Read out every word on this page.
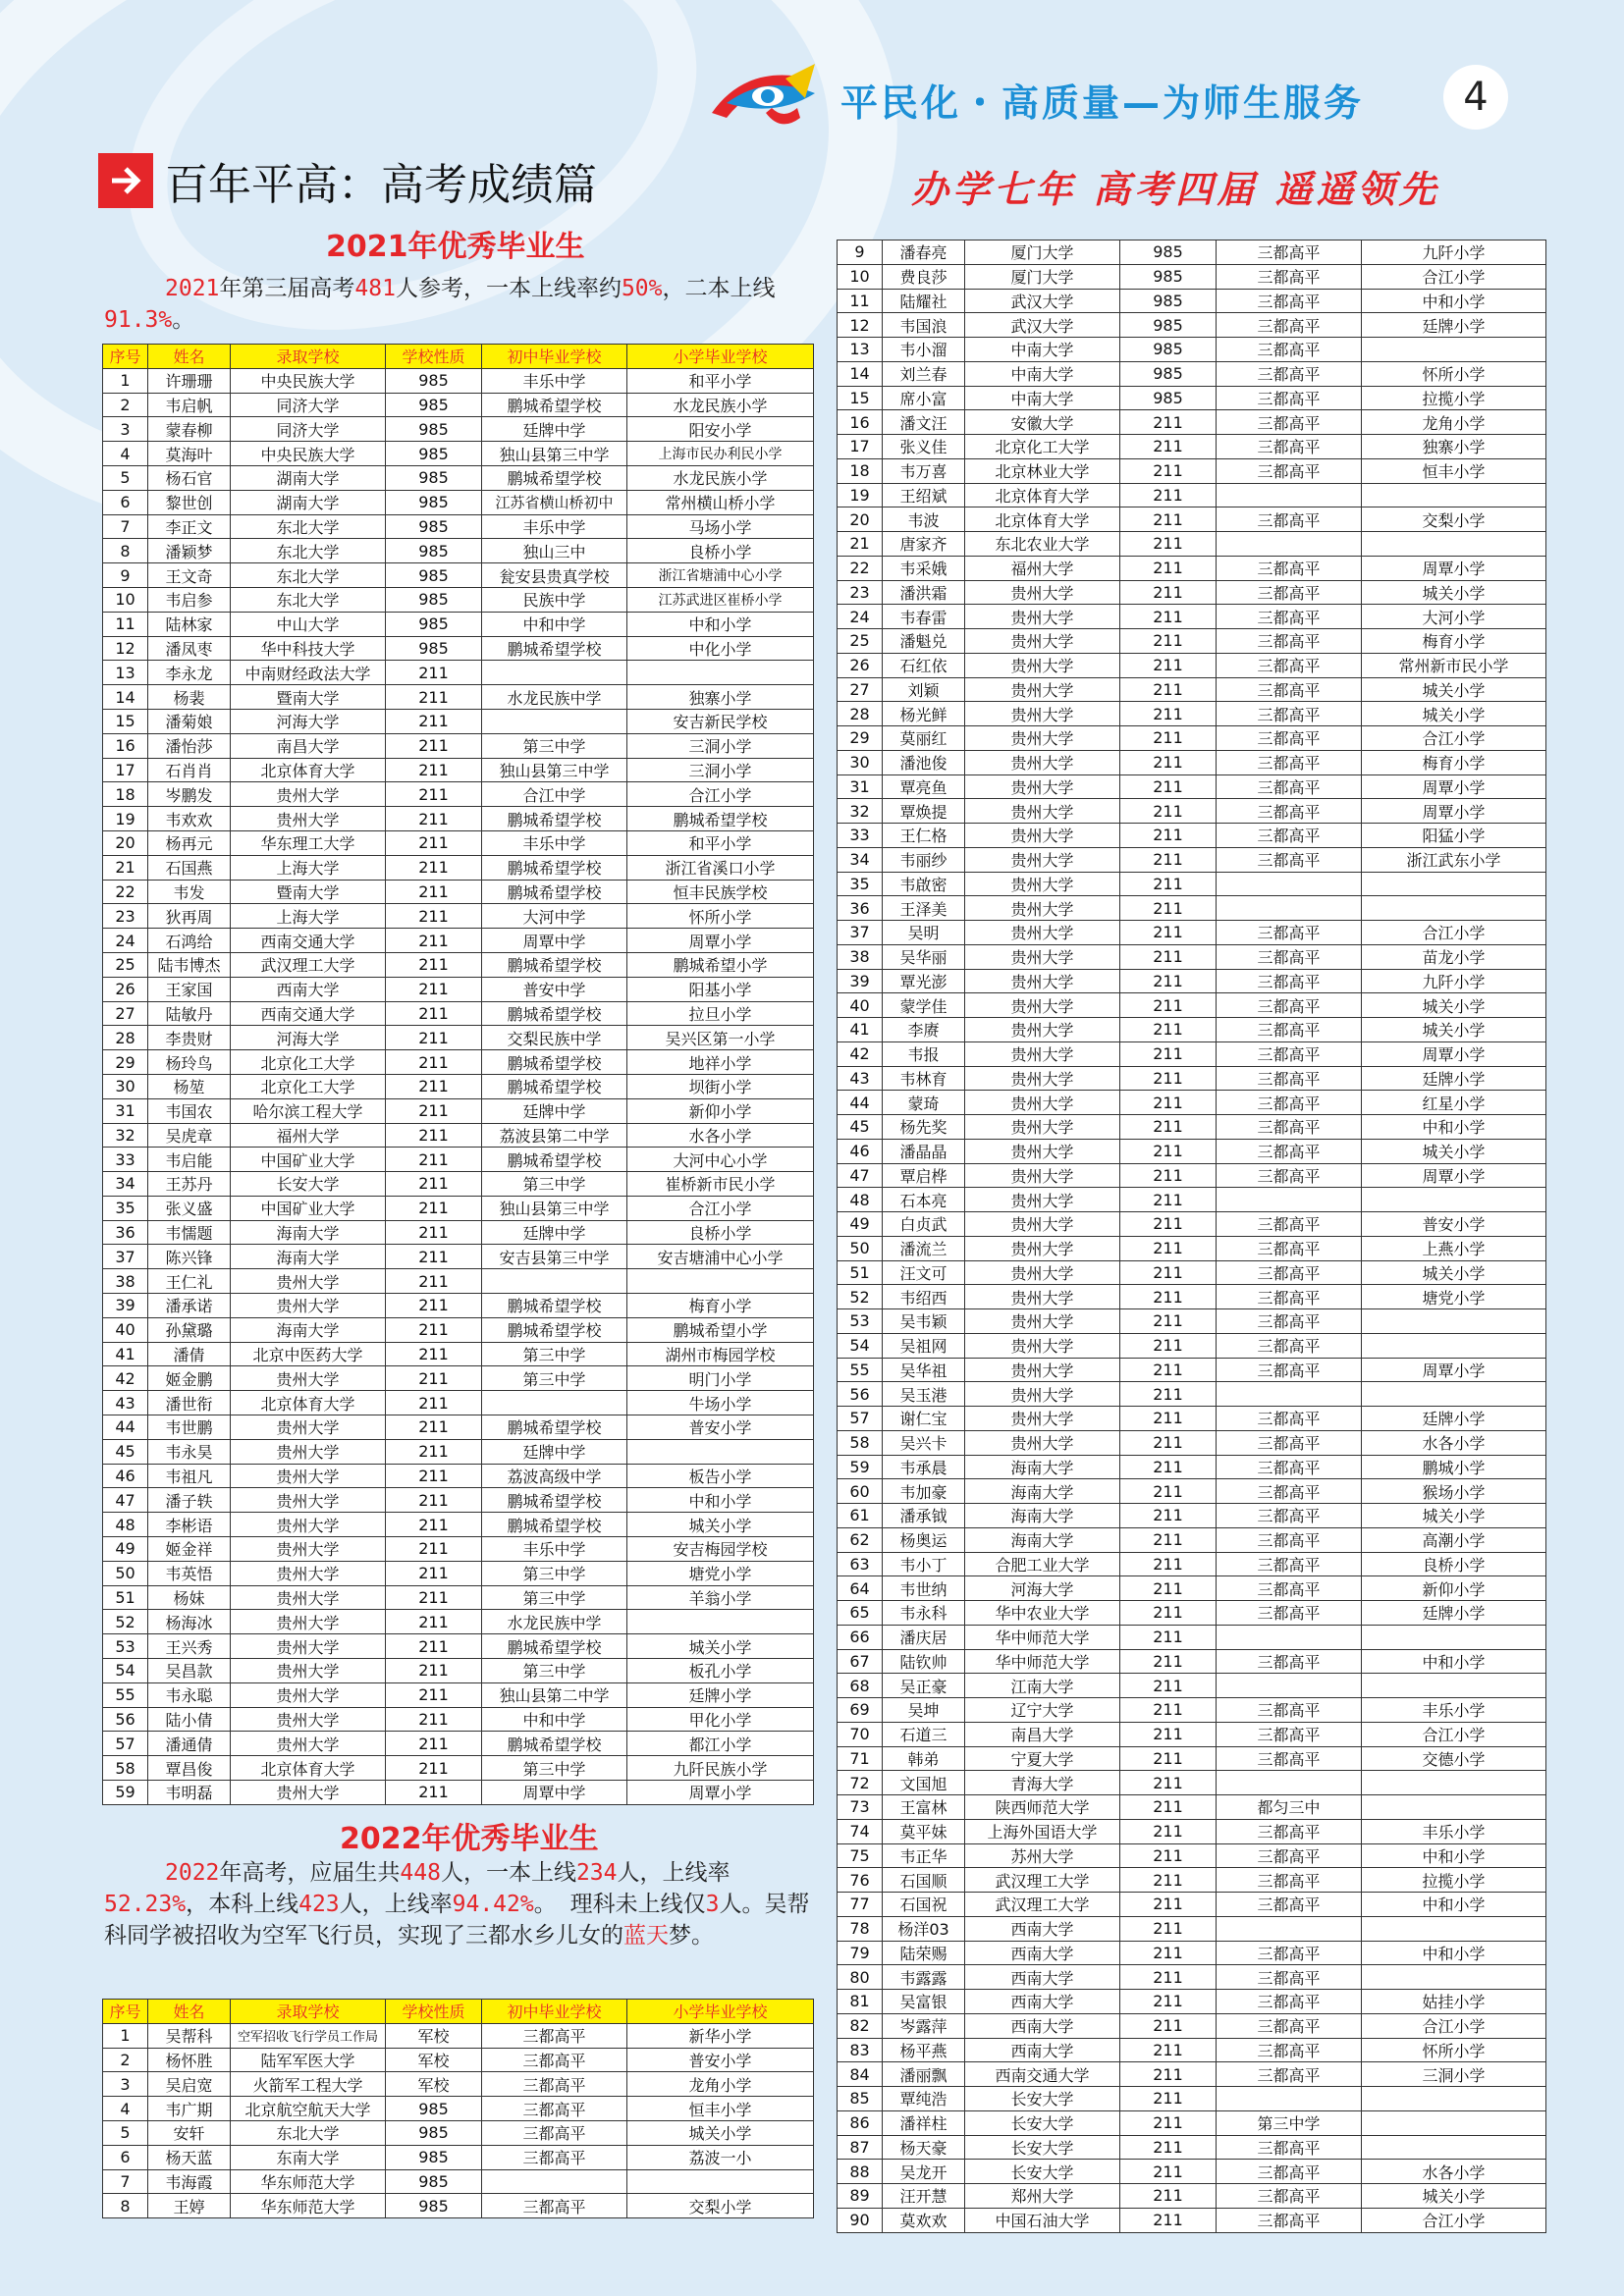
平民化・高质量—为师生服务	4
百年平高：高考成绩篇	办学七年 高考四届 遥遥领先
2021年优秀毕业生
2021年第三届高考481人参考，一本上线率约50%，二本上线91.3%。
序号	姓名	录取学校	学校性质	初中毕业学校	小学毕业学校
1	许珊珊	中央民族大学	985	丰乐中学	和平小学
2	韦启帆	同济大学	985	鹏城希望学校	水龙民族小学
3	蒙春柳	同济大学	985	廷牌中学	阳安小学
4	莫海叶	中央民族大学	985	独山县第三中学	上海市民办利民小学
5	杨石官	湖南大学	985	鹏城希望学校	水龙民族小学
6	黎世创	湖南大学	985	江苏省横山桥初中	常州横山桥小学
7	李正文	东北大学	985	丰乐中学	马场小学
8	潘颖梦	东北大学	985	独山三中	良桥小学
9	王文奇	东北大学	985	瓮安县贵真学校	浙江省塘浦中心小学
10	韦启参	东北大学	985	民族中学	江苏武进区崔桥小学
11	陆林家	中山大学	985	中和中学	中和小学
12	潘凤枣	华中科技大学	985	鹏城希望学校	中化小学
13	李永龙	中南财经政法大学	211		
14	杨裴	暨南大学	211	水龙民族中学	独寨小学
15	潘菊娘	河海大学	211		安吉新民学校
16	潘怡莎	南昌大学	211	第三中学	三洞小学
17	石肖肖	北京体育大学	211	独山县第三中学	三洞小学
18	岑鹏发	贵州大学	211	合江中学	合江小学
19	韦欢欢	贵州大学	211	鹏城希望学校	鹏城希望学校
20	杨再元	华东理工大学	211	丰乐中学	和平小学
21	石国燕	上海大学	211	鹏城希望学校	浙江省溪口小学
22	韦发	暨南大学	211	鹏城希望学校	恒丰民族学校
23	狄再周	上海大学	211	大河中学	怀所小学
24	石鸿给	西南交通大学	211	周覃中学	周覃小学
25	陆韦博杰	武汉理工大学	211	鹏城希望学校	鹏城希望小学
26	王家国	西南大学	211	普安中学	阳基小学
27	陆敏丹	西南交通大学	211	鹏城希望学校	拉旦小学
28	李贵财	河海大学	211	交梨民族中学	吴兴区第一小学
29	杨玲鸟	北京化工大学	211	鹏城希望学校	地祥小学
30	杨堃	北京化工大学	211	鹏城希望学校	坝街小学
31	韦国农	哈尔滨工程大学	211	廷牌中学	新仰小学
32	吴虎章	福州大学	211	荔波县第二中学	水各小学
33	韦启能	中国矿业大学	211	鹏城希望学校	大河中心小学
34	王苏丹	长安大学	211	第三中学	崔桥新市民小学
35	张义盛	中国矿业大学	211	独山县第三中学	合江小学
36	韦懦题	海南大学	211	廷牌中学	良桥小学
37	陈兴锋	海南大学	211	安吉县第三中学	安吉塘浦中心小学
38	王仁礼	贵州大学	211		
39	潘承诺	贵州大学	211	鹏城希望学校	梅育小学
40	孙黛璐	海南大学	211	鹏城希望学校	鹏城希望小学
41	潘倩	北京中医药大学	211	第三中学	湖州市梅园学校
42	姬金鹏	贵州大学	211	第三中学	明门小学
43	潘世衔	北京体育大学	211		牛场小学
44	韦世鹏	贵州大学	211	鹏城希望学校	普安小学
45	韦永昊	贵州大学	211	廷牌中学	
46	韦祖凡	贵州大学	211	荔波高级中学	板告小学
47	潘子轶	贵州大学	211	鹏城希望学校	中和小学
48	李彬语	贵州大学	211	鹏城希望学校	城关小学
49	姬金祥	贵州大学	211	丰乐中学	安吉梅园学校
50	韦英悟	贵州大学	211	第三中学	塘党小学
51	杨妹	贵州大学	211	第三中学	羊翁小学
52	杨海冰	贵州大学	211	水龙民族中学	
53	王兴秀	贵州大学	211	鹏城希望学校	城关小学
54	吴昌款	贵州大学	211	第三中学	板孔小学
55	韦永聪	贵州大学	211	独山县第二中学	廷牌小学
56	陆小倩	贵州大学	211	中和中学	甲化小学
57	潘通倩	贵州大学	211	鹏城希望学校	都江小学
58	覃昌俊	北京体育大学	211	第三中学	九阡民族小学
59	韦明磊	贵州大学	211	周覃中学	周覃小学
2022年优秀毕业生
2022年高考，应届生共448人，一本上线234人，上线率52.23%，本科上线423人，上线率94.42%。 理科未上线仅3人。吴帮科同学被招收为空军飞行员，实现了三都水乡儿女的蓝天梦。
序号	姓名	录取学校	学校性质	初中毕业学校	小学毕业学校
1	吴帮科	空军招收飞行学员工作局	军校	三都高平	新华小学
2	杨怀胜	陆军军医大学	军校	三都高平	普安小学
3	吴启宽	火箭军工程大学	军校	三都高平	龙角小学
4	韦广期	北京航空航天大学	985	三都高平	恒丰小学
5	安轩	东北大学	985	三都高平	城关小学
6	杨天蓝	东南大学	985	三都高平	荔波一小
7	韦海霞	华东师范大学	985		
8	王婷	华东师范大学	985	三都高平	交梨小学
9	潘春亮	厦门大学	985	三都高平	九阡小学
10	费良莎	厦门大学	985	三都高平	合江小学
11	陆耀社	武汉大学	985	三都高平	中和小学
12	韦国浪	武汉大学	985	三都高平	廷牌小学
13	韦小溜	中南大学	985	三都高平	
14	刘兰春	中南大学	985	三都高平	怀所小学
15	席小富	中南大学	985	三都高平	拉揽小学
16	潘文汪	安徽大学	211	三都高平	龙角小学
17	张义佳	北京化工大学	211	三都高平	独寨小学
18	韦万喜	北京林业大学	211	三都高平	恒丰小学
19	王绍斌	北京体育大学	211		
20	韦波	北京体育大学	211	三都高平	交梨小学
21	唐家齐	东北农业大学	211		
22	韦采娥	福州大学	211	三都高平	周覃小学
23	潘洪霜	贵州大学	211	三都高平	城关小学
24	韦春雷	贵州大学	211	三都高平	大河小学
25	潘魁兑	贵州大学	211	三都高平	梅育小学
26	石红依	贵州大学	211	三都高平	常州新市民小学
27	刘颖	贵州大学	211	三都高平	城关小学
28	杨光鲜	贵州大学	211	三都高平	城关小学
29	莫丽红	贵州大学	211	三都高平	合江小学
30	潘池俊	贵州大学	211	三都高平	梅育小学
31	覃亮鱼	贵州大学	211	三都高平	周覃小学
32	覃焕提	贵州大学	211	三都高平	周覃小学
33	王仁格	贵州大学	211	三都高平	阳猛小学
34	韦丽纱	贵州大学	211	三都高平	浙江武东小学
35	韦啟密	贵州大学	211		
36	王泽美	贵州大学	211		
37	吴明	贵州大学	211	三都高平	合江小学
38	吴华丽	贵州大学	211	三都高平	苗龙小学
39	覃光澎	贵州大学	211	三都高平	九阡小学
40	蒙学佳	贵州大学	211	三都高平	城关小学
41	李赓	贵州大学	211	三都高平	城关小学
42	韦报	贵州大学	211	三都高平	周覃小学
43	韦林育	贵州大学	211	三都高平	廷牌小学
44	蒙琦	贵州大学	211	三都高平	红星小学
45	杨先奖	贵州大学	211	三都高平	中和小学
46	潘晶晶	贵州大学	211	三都高平	城关小学
47	覃启桦	贵州大学	211	三都高平	周覃小学
48	石本亮	贵州大学	211		
49	白贞武	贵州大学	211	三都高平	普安小学
50	潘流兰	贵州大学	211	三都高平	上燕小学
51	汪文可	贵州大学	211	三都高平	城关小学
52	韦绍西	贵州大学	211	三都高平	塘党小学
53	吴韦颖	贵州大学	211	三都高平	
54	吴祖网	贵州大学	211	三都高平	
55	吴华祖	贵州大学	211	三都高平	周覃小学
56	吴玉港	贵州大学	211		
57	谢仁宝	贵州大学	211	三都高平	廷牌小学
58	吴兴卡	贵州大学	211	三都高平	水各小学
59	韦承晨	海南大学	211	三都高平	鹏城小学
60	韦加豪	海南大学	211	三都高平	猴场小学
61	潘承钺	海南大学	211	三都高平	城关小学
62	杨奥运	海南大学	211	三都高平	高潮小学
63	韦小丁	合肥工业大学	211	三都高平	良桥小学
64	韦世纳	河海大学	211	三都高平	新仰小学
65	韦永科	华中农业大学	211	三都高平	廷牌小学
66	潘庆居	华中师范大学	211		
67	陆钦帅	华中师范大学	211	三都高平	中和小学
68	吴正豪	江南大学	211		
69	吴坤	辽宁大学	211	三都高平	丰乐小学
70	石道三	南昌大学	211	三都高平	合江小学
71	韩弟	宁夏大学	211	三都高平	交德小学
72	文国旭	青海大学	211		
73	王富林	陕西师范大学	211	都匀三中	
74	莫平妹	上海外国语大学	211	三都高平	丰乐小学
75	韦正华	苏州大学	211	三都高平	中和小学
76	石国顺	武汉理工大学	211	三都高平	拉揽小学
77	石国祝	武汉理工大学	211	三都高平	中和小学
78	杨洋03	西南大学	211		
79	陆荣赐	西南大学	211	三都高平	中和小学
80	韦露露	西南大学	211	三都高平	
81	吴富银	西南大学	211	三都高平	姑挂小学
82	岑露萍	西南大学	211	三都高平	合江小学
83	杨平燕	西南大学	211	三都高平	怀所小学
84	潘丽飘	西南交通大学	211	三都高平	三洞小学
85	覃纯浩	长安大学	211		
86	潘祥柱	长安大学	211	第三中学	
87	杨天豪	长安大学	211	三都高平	
88	吴龙开	长安大学	211	三都高平	水各小学
89	汪开慧	郑州大学	211	三都高平	城关小学
90	莫欢欢	中国石油大学	211	三都高平	合江小学
